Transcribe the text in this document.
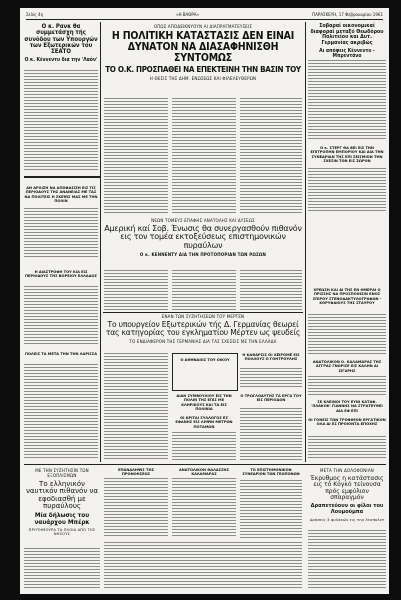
Σελίς 4η	«Η ΒΑΘΡΑ»	ΠΑΡΑΣΚΕΥΗ, 17 Φεβρουαρίου 1961
Ο κ. Ρανκ θα συμμετάσχη τής συνόδου των Υπουργών των Εξωτερικών του ΣΕΑΤΟ
Ο κ. Κέννεντυ δια την 'Λαόν'
ΟΠΩΣ ΑΠΟΔΕΙΚΝΥΟΥΝ ΑΙ ΔΙΑΠΡΑΓΜΑΤΕΥΣΕΙΣ
Η ΠΟΛΙΤΙΚΗ ΚΑΤΑΣΤΑΣΙΣ ΔΕΝ ΕΙΝΑΙ ΔΥΝΑΤΟΝ ΝΑ ΔΙΑΣΑΦΗΝΙΣΘΗ ΣΥΝΤΟΜΩΣ
ΤΟ Ο.Κ. ΠΡΟΣΠΑΘΕΙ ΝΑ ΕΠΕΚΤΕΙΝΗ ΤΗΝ ΒΑΣΙΝ ΤΟΥ
Η ΘΕΣΙΣ ΤΗΣ ΔΗΜ. ΕΝΩΣΕΩΣ ΚΑΙ ΦΙΛΕΛΕΥΘΕΡΩΝ
Σοβαραί οικονομικαί διαφοραί μεταξύ Θεωδόρου Πολιτείου και Δυτ. Γερμανίας ακριβώς
Αι απόψεις Κέννεντυ - Μπρεντάνο
ΑΝ ΑΡΧΙΖΗ ΝΑ ΑΠΟΦΑΣΙΖΗ ΕΙΣ ΤΙΣ ΠΕΡΙΟΔΟΥΣ ΤΗΣ ΑΝΑΝΕΙΑΣ ΜΕ ΤΑΣ ΝΑ ΠΟΛΙΤΕΙΣ Η ΣΚΕΨΙΣ ΜΑΣ ΜΕ ΤΗΝ ΠΟΛΙΝ
Η ΔΙΑΣΤΡΟΦΗ ΤΟΥ ΚΙΑ ΕΙΣ ΠΕΡΙΟΔΟΥΣ ΤΗΣ ΒΟΡΕΙΟΥ ΕΛΛΑΔΟΣ
ΠΟΛΕΙΣ ΤΑ ΜΕΤΑ ΤΗΝ ΤΗΝ ΛΑΡΙΣΣΑ
Ο κ. ΣΤΕΡΓ ΘΑ ΒΕΙ ΕΙΣ ΤΗΝ ΕΠΙΤΡΟΠΗΝ ΕΜΠΟΡΙΟΥ ΚΑΙ ΔΙΑ ΤΗΝ ΣΥΝΕΔΡΙΑΝ ΤΗΣ ΕΠΙ ΣΕΙΣΜΙΟΝ ΤΗΝ ΣΧΕΣΙΝ ΤΟΝ ΕΙΣ ΖΩΡΟΝ
ΧΡΕΩΣΗ ΚΑΙ ΔΙ ΤΗΣ ΕΝ ΗΜΕΡΑΙ Ο ΠΡΙΣΣΗΣ ΝΑ ΠΡΟΣΠΟΙΗΣΙΝ ΕΝΟΣ ΣΠΙΡΟΥ ΣΤΕΝΟΔΑΚΤΥΛΟΓΡΑΦΩΝ - ΚΟΡΥΦΑΙΟΥΣ ΤΗΣ ΣΤΑΥΡΟΥ
ΑΝΑΤΟΛΙΚΟΝ Ο. ΚΑΛΑΜΑΡΑΣ ΤΗΣ ΑΓΓΡΑΣ ΓΝΩΡΙΣΕ ΕΙΣ ΚΑΛΗΝ ΔΙ ΣΙΓΑΡΗΣ
ΣΕ ΚΛΕΙΝΟΙ ΤΟΥ ΕΥΝΙ ΚΑΤΑΦ. 'ΠΛΑΚΟΚ' ΓΙΑΝΝΗΣ ΝΑ ΣΤΡΑΤΕΥΘΕΙ ΔΙΑ ΕΦ ΕΠΙ
ΟΙ ΓΟΝΕΙΣ ΤΩΝ ΤΡΟΦΙΜΟΝ ΕΡΓΑΤΙΚΟΝ ΟΛΑ ΔΙ ΕΣ ΠΡΟΙΟΝΤΑ ΕΠΟΧΗΣ
ΝΕΩΝ ΤΟΜΕΥΣ ΕΠΑΦΗΣ ΑΝΑΤΟΛΗΣ ΚΑΙ ΔΥΣΕΩΣ
Αμερική καί Σοβ. Ένωσις θα συνεργασθούν πιθανόν εις τον τομέα εκτοξεύσεως επιστημονικών πυραύλων
Ο κ. ΚΕΝΝΕΝΤΥ ΔΙΑ ΤΗΝ ΠΡΟΤΟΠΟΡΙΑΝ ΤΩΝ ΡΩΣΩΝ
ΕΝΑΝ ΤΩΝ ΣΥΖΗΤΗΣΕΩΝ ΤΟΥ ΜΕΡΤΕΝ
Το υπουργείον Εξωτερικών τής Δ. Γερμανίας θεωρεί τας κατηγορίας του εγκληματίου Μέρτεν ως ψευδείς
ΤΟ ΕΝΔΙΑΦΕΡΟΝ ΤΗΣ ΓΕΡΜΑΝΙΑΣ ΔΙΑ ΤΑΣ ΣΧΕΣΕΙΣ ΜΕ ΤΗΝ ΕΛΛΑΔΑ
Ο ΑΘΗΝΑΙΟΣ ΤΟΥ ΟΙΚΟΥ
Η ΚΑΘΑΡΣΙΣ ΟΙ ΧΕΙΡΟΜΕ ΕΙΣ ΠΟΛΛΟΥΣ Ο ΓΟΗΤΡΟΥΛΗΣ
ΔΙΑΝ ΣΥΜΒΟΥΛΙΟΥ ΕΙΣ ΤΗΝ ΠΟΛΙΝ ΤΗΣ ΕΠΙΣ ΜΕ ΚΛΗΡΙΚΟΥΣ ΚΑΙ ΤΑ ΕΙΣ ΠΟΛΙΝΙΑ
ΟΙ ΚΡΙΤΑΙ ΣΥΛΛΟΓΟΣ ΕΣ ΕΦΑΝΗΣ ΕΙΣ ΛΗΨΙΝ ΜΕΤΡΩΝ ΠΟΤΑΜΩΝ
Ο ΤΡΩΓΛΟΔΥΤΗΣ ΤΑ ΕΡΓΑ ΤΟΥ ΕΙΣ ΠΕΡΙΟΔΟΝ
ΕΠΑΝΑΛΗΨΙΣ ΤΗΣ ΠΡΟΝΟΗΣΕΩΣ
ΑΝΑΤΟΛΙΚΟΝ ΘΑΛΑΣΣΗΣ ΚΑΛΑΜΑΡΑΣ
ΤΟ ΕΠΙΣΤΗΜΟΝΙΚΟΝ ΣΥΝΕΔΡΙΟΝ ΤΩΝ ΓΕΩΠΟΝΩΝ
ΜΕ ΤΗΝ ΣΥΖΗΤΗΣΙΝ ΤΩΝ ΕΞΟΠΛΙΣΜΩΝ
Το ελληνικόν ναυτικόν πιθανόν να εφοδιασθή με πυραύλους
Μία δήλωσις του ναυάρχου Μπέρκ
ΠΡΟΤΗΜΟΥΡΑ ΤΑ ΠΛΟΙΑ ΑΠΟ ΤΗΣ ΝΗΣΟΥΣ
ΜΕΤΑ ΤΗΝ ΔΟΛΟΦΟΝΙΑΝ
Έκρυθμος η κατάστασις εις τό Κογκό τείνουσα πρός εμφύλιον σπαραγμόν
Δραπετεύουν οι φίλοι του Λουμούμπα
Δράσεις 3 φυλακών εις την Λεοπολντ
